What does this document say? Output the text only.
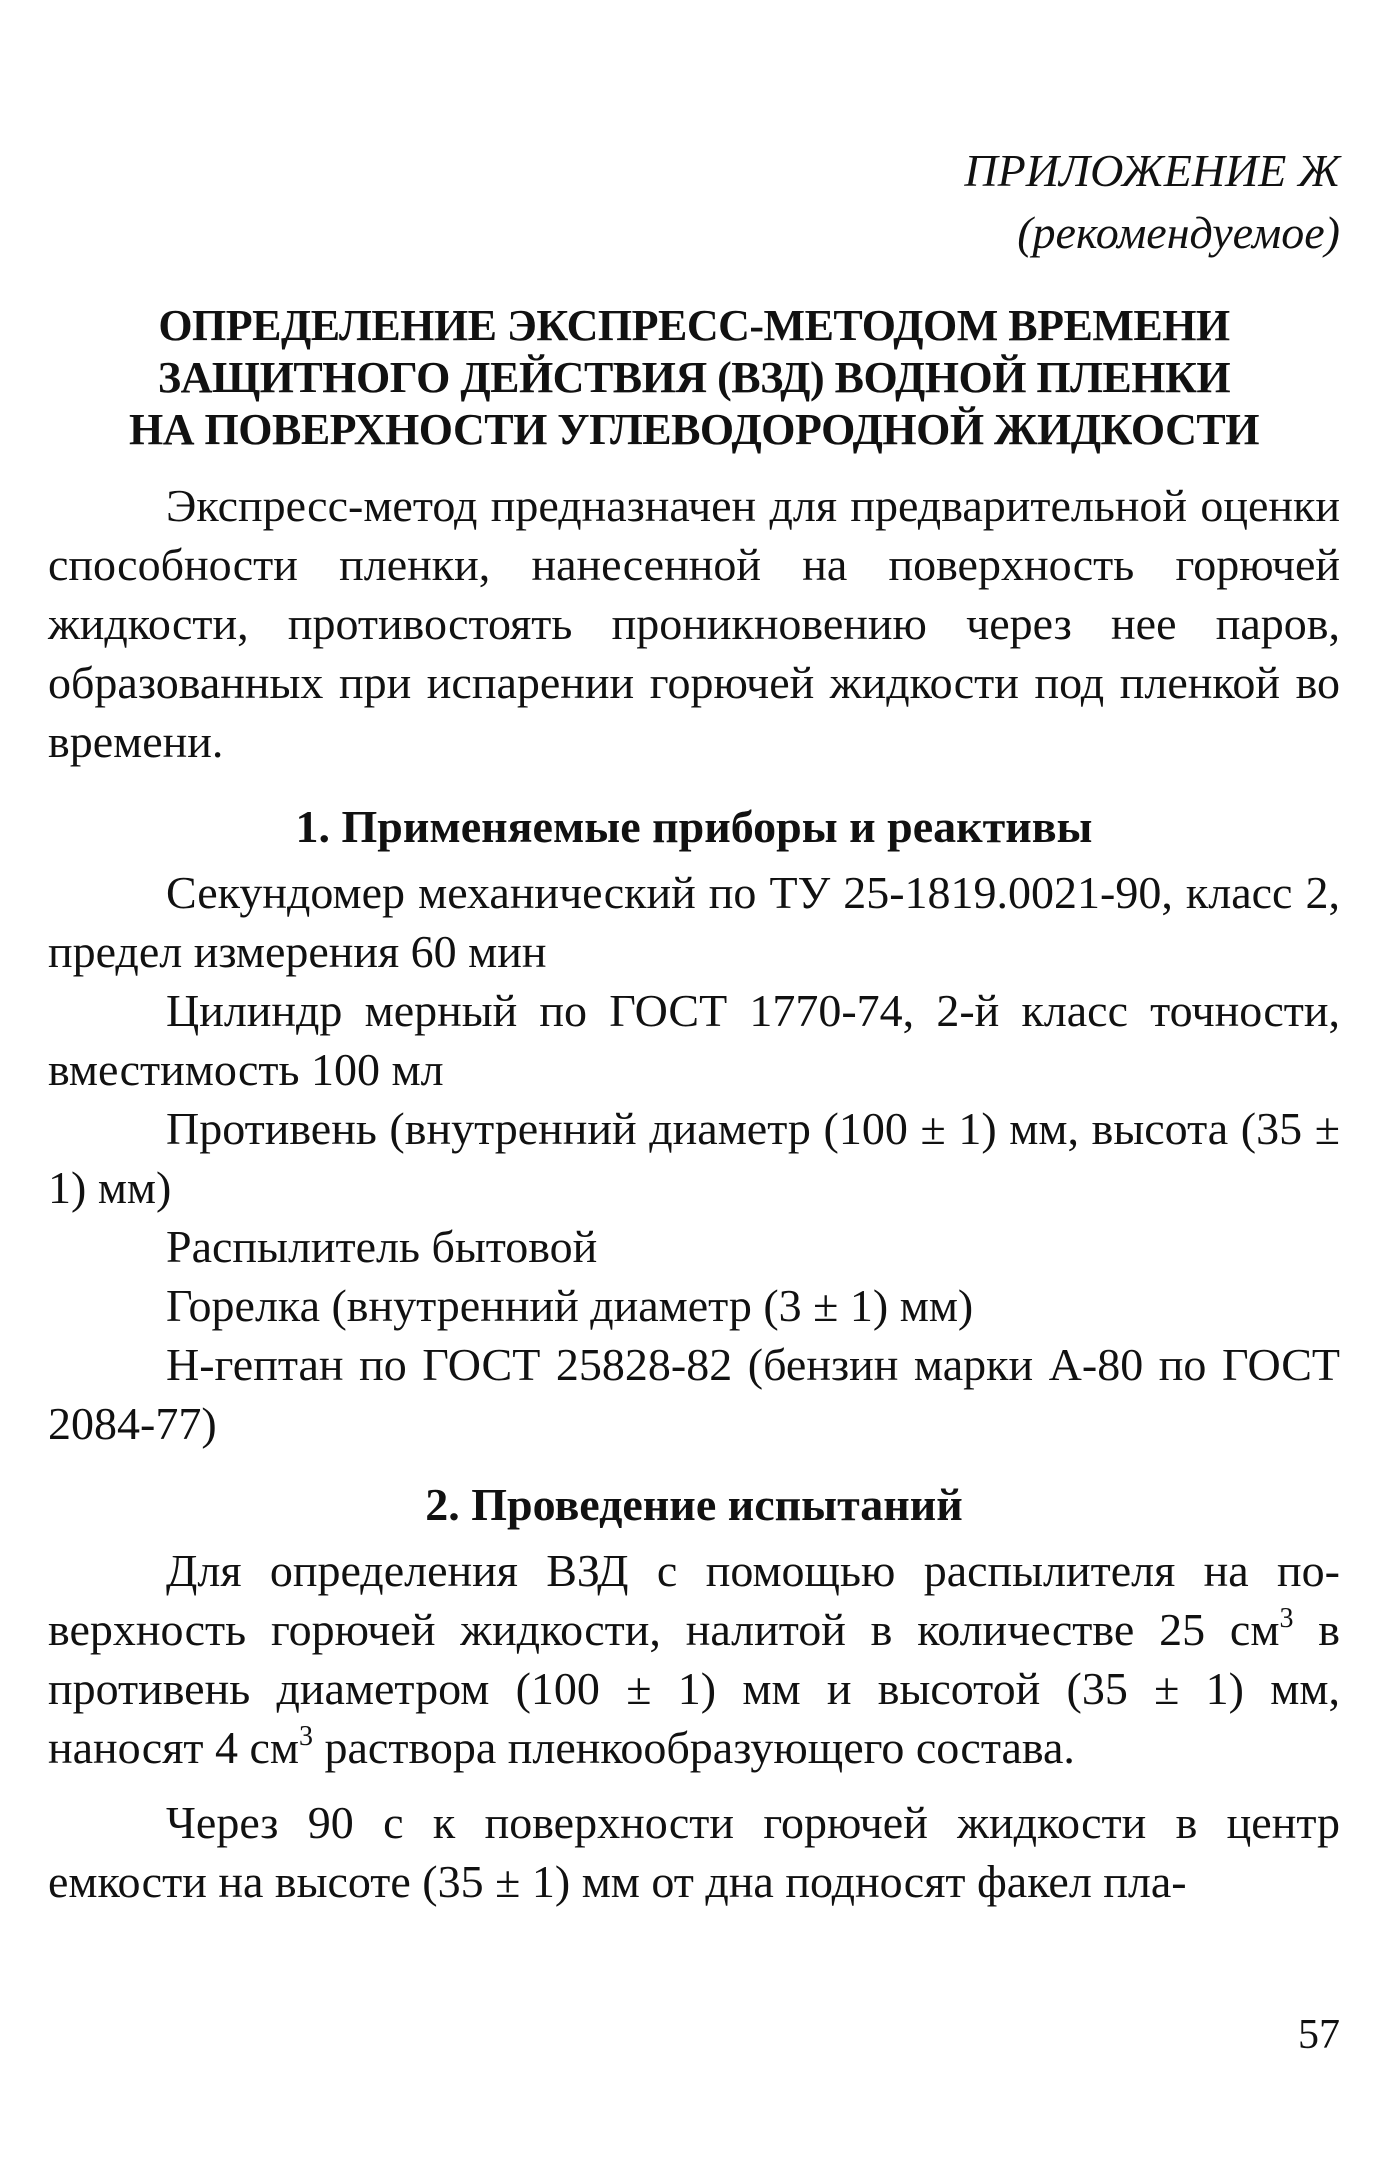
ПРИЛОЖЕНИЕ Ж
(рекомендуемое)
ОПРЕДЕЛЕНИЕ ЭКСПРЕСС-МЕТОДОМ ВРЕМЕНИ
ЗАЩИТНОГО ДЕЙСТВИЯ (ВЗД) ВОДНОЙ ПЛЕНКИ
НА ПОВЕРХНОСТИ УГЛЕВОДОРОДНОЙ ЖИДКОСТИ

Экспресс-метод предназначен для предварительной оценки способности пленки, нанесенной на поверхность горючей жидкости, противостоять проникновению через нее паров, образованных при испарении горючей жидкости под пленкой во времени.

1. Применяемые приборы и реактивы

Секундомер механический по ТУ 25-1819.0021-90, класс 2, предел измерения 60 мин

Цилиндр мерный по ГОСТ 1770-74, 2-й класс точности, вместимость 100 мл

Противень (внутренний диаметр (100 ± 1) мм, высота (35 ± 1) мм)

Распылитель бытовой

Горелка (внутренний диаметр (3 ± 1) мм)

Н-гептан по ГОСТ 25828-82 (бензин марки А-80 по ГОСТ 2084-77)

2. Проведение испытаний

Для определения ВЗД с помощью распылителя на поверхность горючей жидкости, налитой в количестве 25 $см^3$ в противень диаметром (100 ± 1) мм и высотой (35 ± 1) мм, наносят 4 $см^3$ раствора пленкообразующего состава.

Через 90 с к поверхности горючей жидкости в центр емкости на высоте (35 ± 1) мм от дна подносят факел пла-

57
